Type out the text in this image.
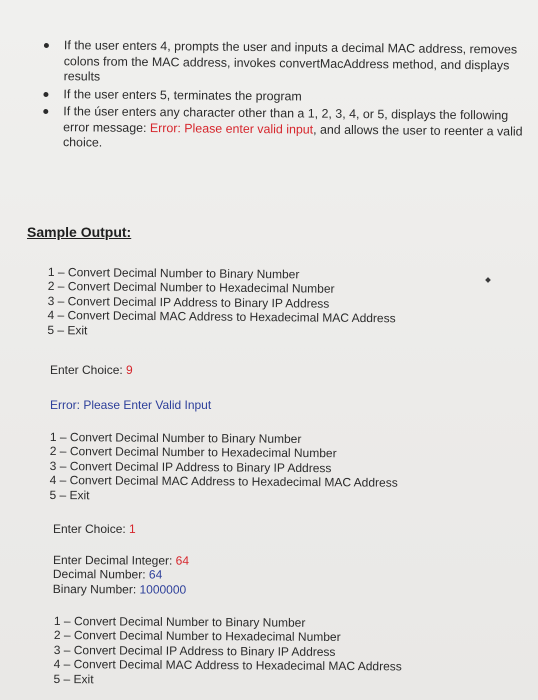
If the user enters 4, prompts the user and inputs a decimal MAC address, removes colons from the MAC address, invokes convertMacAddress method, and displays results

If the user enters 5, terminates the program

If the úser enters any character other than a 1, 2, 3, 4, or 5, displays the following error message: Error: Please enter valid input, and allows the user to reenter a valid choice.

Sample Output:
1 – Convert Decimal Number to Binary Number
2 – Convert Decimal Number to Hexadecimal Number
3 – Convert Decimal IP Address to Binary IP Address
4 – Convert Decimal MAC Address to Hexadecimal MAC Address
5 – Exit
Enter Choice: 9
Error: Please Enter Valid Input
1 – Convert Decimal Number to Binary Number
2 – Convert Decimal Number to Hexadecimal Number
3 – Convert Decimal IP Address to Binary IP Address
4 – Convert Decimal MAC Address to Hexadecimal MAC Address
5 – Exit
Enter Choice: 1
Enter Decimal Integer: 64
Decimal Number: 64
Binary Number: 1000000
1 – Convert Decimal Number to Binary Number
2 – Convert Decimal Number to Hexadecimal Number
3 – Convert Decimal IP Address to Binary IP Address
4 – Convert Decimal MAC Address to Hexadecimal MAC Address
5 – Exit
